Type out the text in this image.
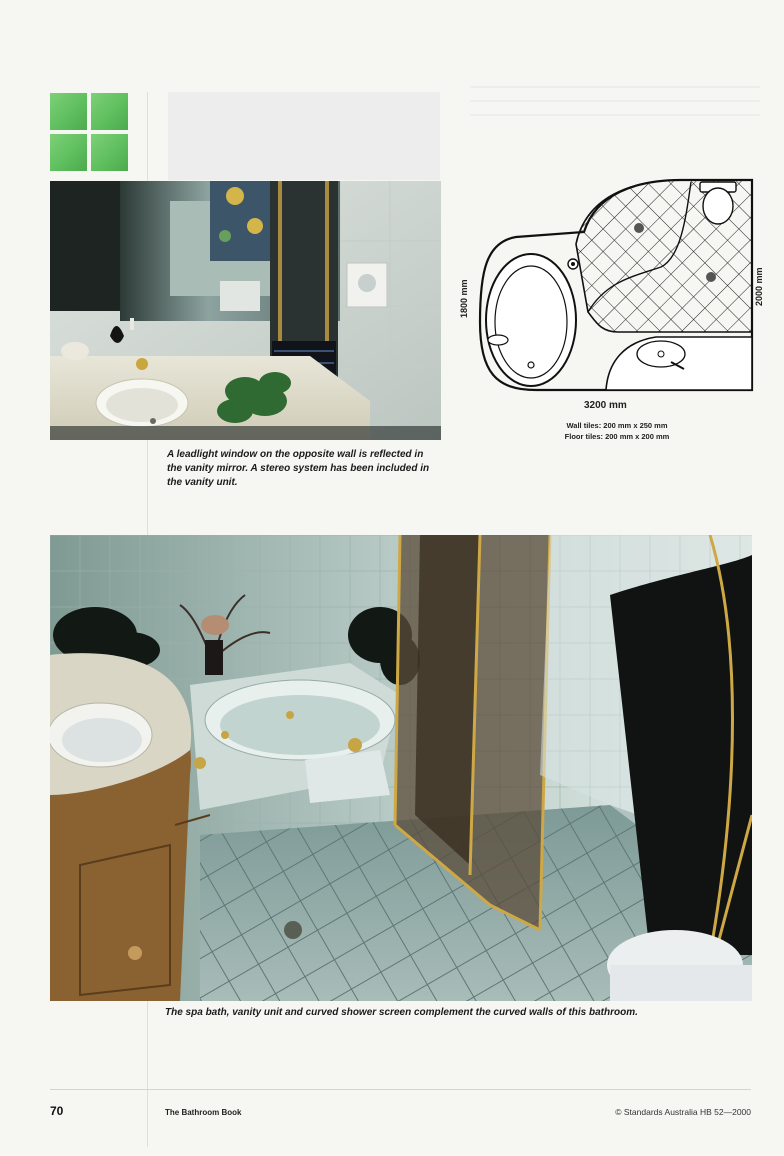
A leadlight window on the opposite wall is reflected in the vanity mirror. A stereo system has been included in the vanity unit.
3200 mm
1800 mm	2000 mm
Wall tiles: 200 mm x 250 mm
Floor tiles: 200 mm x 200 mm
The spa bath, vanity unit and curved shower screen complement the curved walls of this bathroom.
70	The Bathroom Book	© Standards Australia HB 52—2000
